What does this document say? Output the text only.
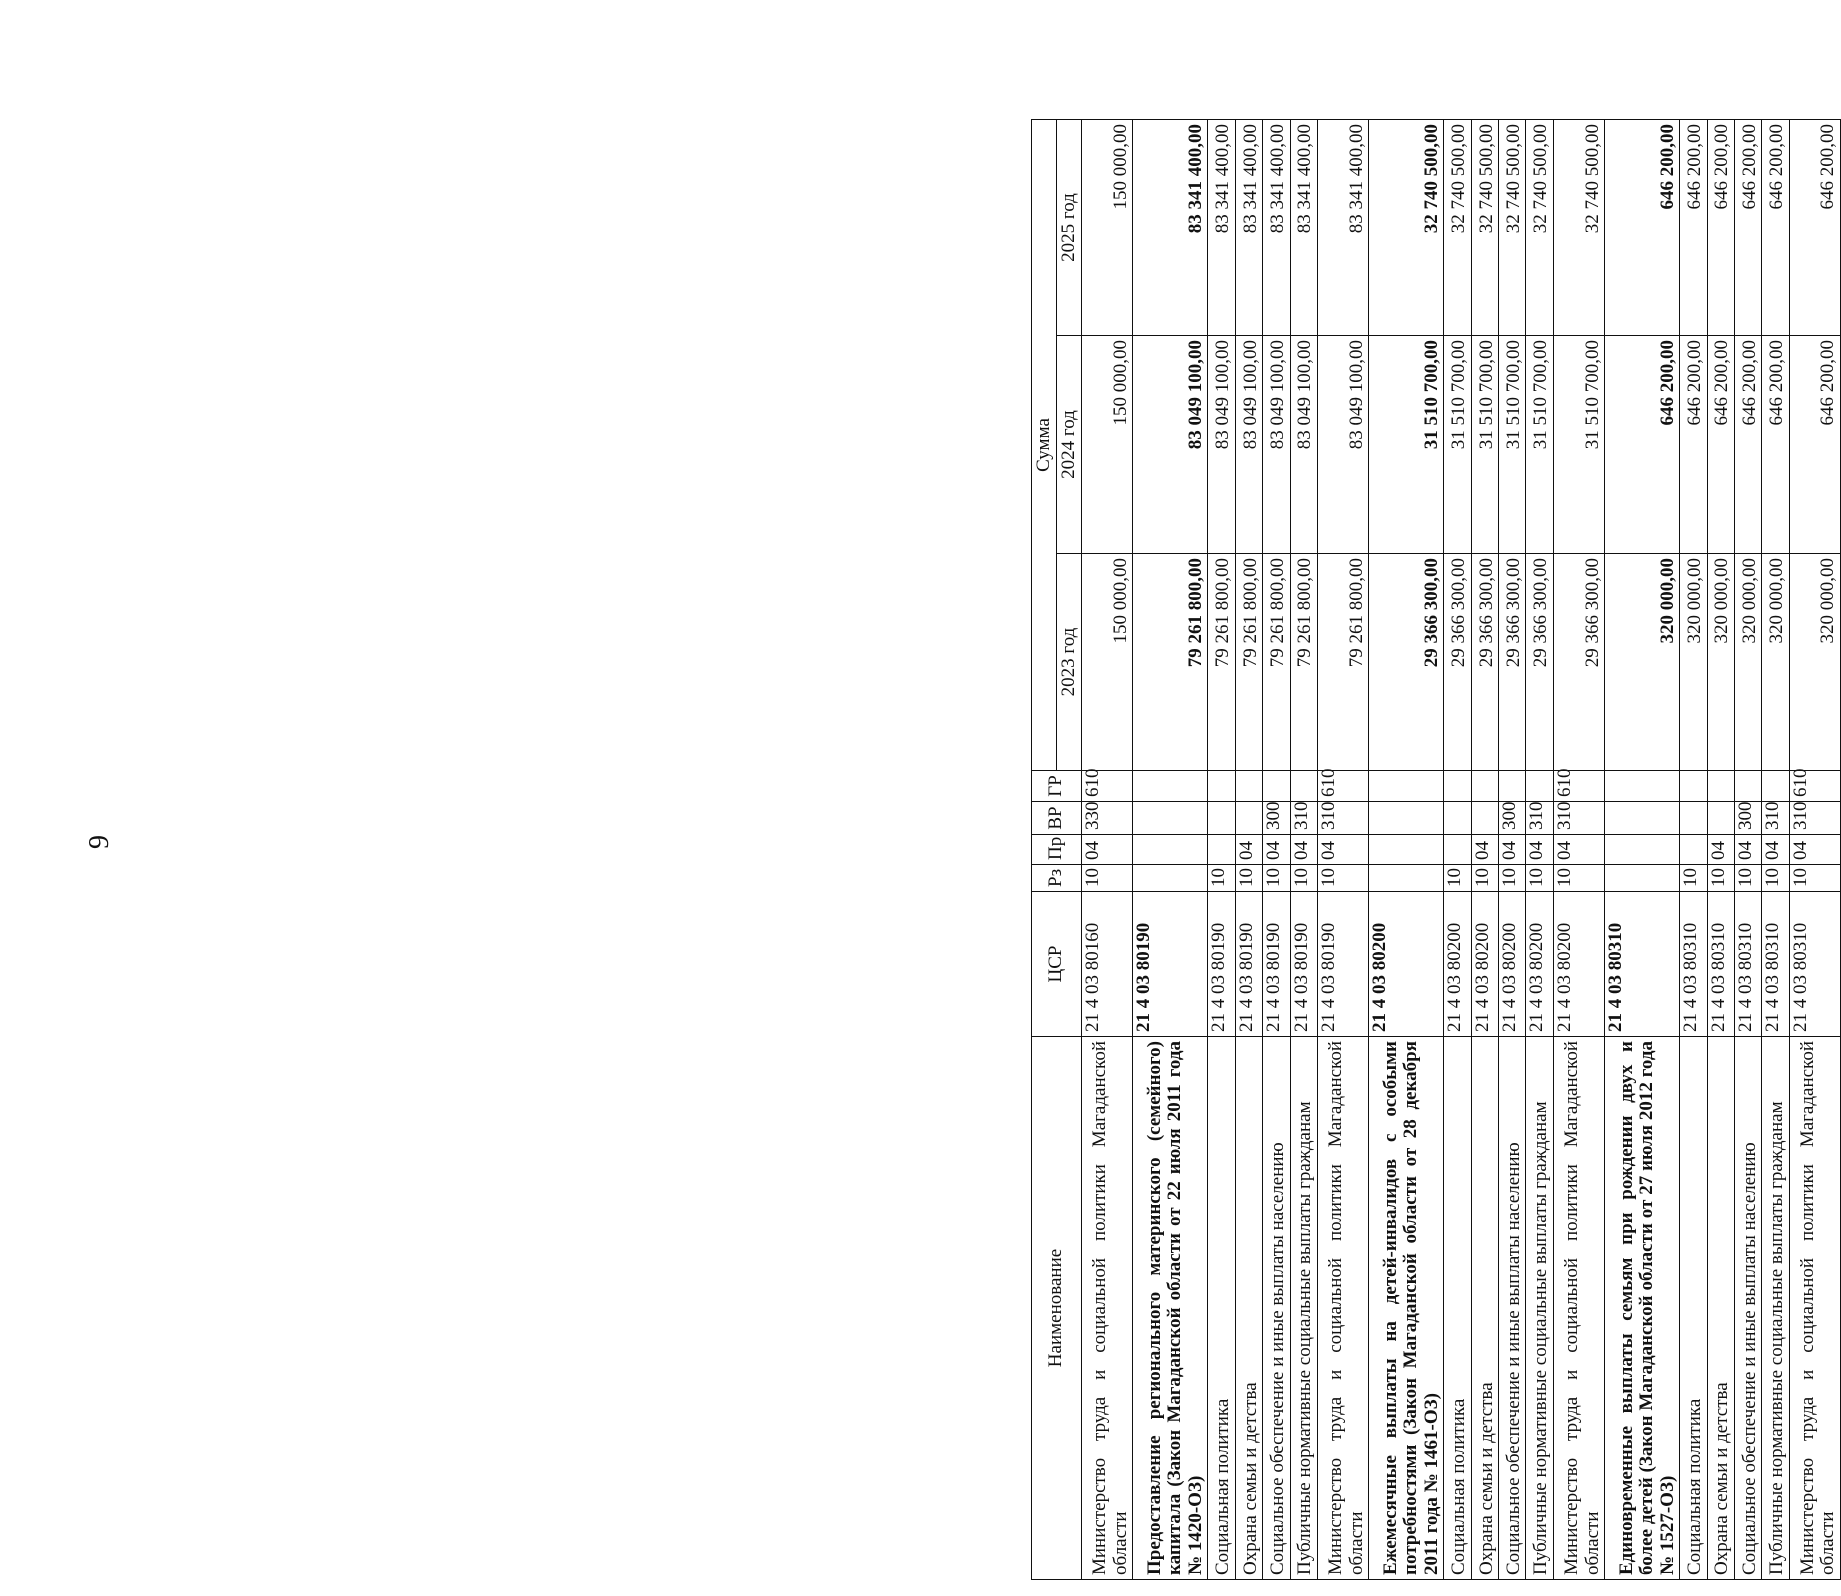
9
Наименование	ЦСР	Рз	Пр	ВР	ГР	Сумма		
						2023 год	2024 год	2025 год
Министерство труда и социальной политики Магаданской области	21 4 03 80160	10	04	330	610	150 000,00	150 000,00	150 000,00
Предоставление регионального материнского (семейного) капитала (Закон Магаданской области от 22 июля 2011 года № 1420-ОЗ)	21 4 03 80190					79 261 800,00	83 049 100,00	83 341 400,00
Социальная политика	21 4 03 80190	10				79 261 800,00	83 049 100,00	83 341 400,00
Охрана семьи и детства	21 4 03 80190	10	04			79 261 800,00	83 049 100,00	83 341 400,00
Социальное обеспечение и иные выплаты населению	21 4 03 80190	10	04	300		79 261 800,00	83 049 100,00	83 341 400,00
Публичные нормативные социальные выплаты гражданам	21 4 03 80190	10	04	310		79 261 800,00	83 049 100,00	83 341 400,00
Министерство труда и социальной политики Магаданской области	21 4 03 80190	10	04	310	610	79 261 800,00	83 049 100,00	83 341 400,00
Ежемесячные выплаты на детей-инвалидов с особыми потребностями (Закон Магаданской области от 28 декабря 2011 года № 1461-ОЗ)	21 4 03 80200					29 366 300,00	31 510 700,00	32 740 500,00
Социальная политика	21 4 03 80200	10				29 366 300,00	31 510 700,00	32 740 500,00
Охрана семьи и детства	21 4 03 80200	10	04			29 366 300,00	31 510 700,00	32 740 500,00
Социальное обеспечение и иные выплаты населению	21 4 03 80200	10	04	300		29 366 300,00	31 510 700,00	32 740 500,00
Публичные нормативные социальные выплаты гражданам	21 4 03 80200	10	04	310		29 366 300,00	31 510 700,00	32 740 500,00
Министерство труда и социальной политики Магаданской области	21 4 03 80200	10	04	310	610	29 366 300,00	31 510 700,00	32 740 500,00
Единовременные выплаты семьям при рождении двух и более детей (Закон Магаданской области от 27 июля 2012 года № 1527-ОЗ)	21 4 03 80310					320 000,00	646 200,00	646 200,00
Социальная политика	21 4 03 80310	10				320 000,00	646 200,00	646 200,00
Охрана семьи и детства	21 4 03 80310	10	04			320 000,00	646 200,00	646 200,00
Социальное обеспечение и иные выплаты населению	21 4 03 80310	10	04	300		320 000,00	646 200,00	646 200,00
Публичные нормативные социальные выплаты гражданам	21 4 03 80310	10	04	310		320 000,00	646 200,00	646 200,00
Министерство труда и социальной политики Магаданской области	21 4 03 80310	10	04	310	610	320 000,00	646 200,00	646 200,00
